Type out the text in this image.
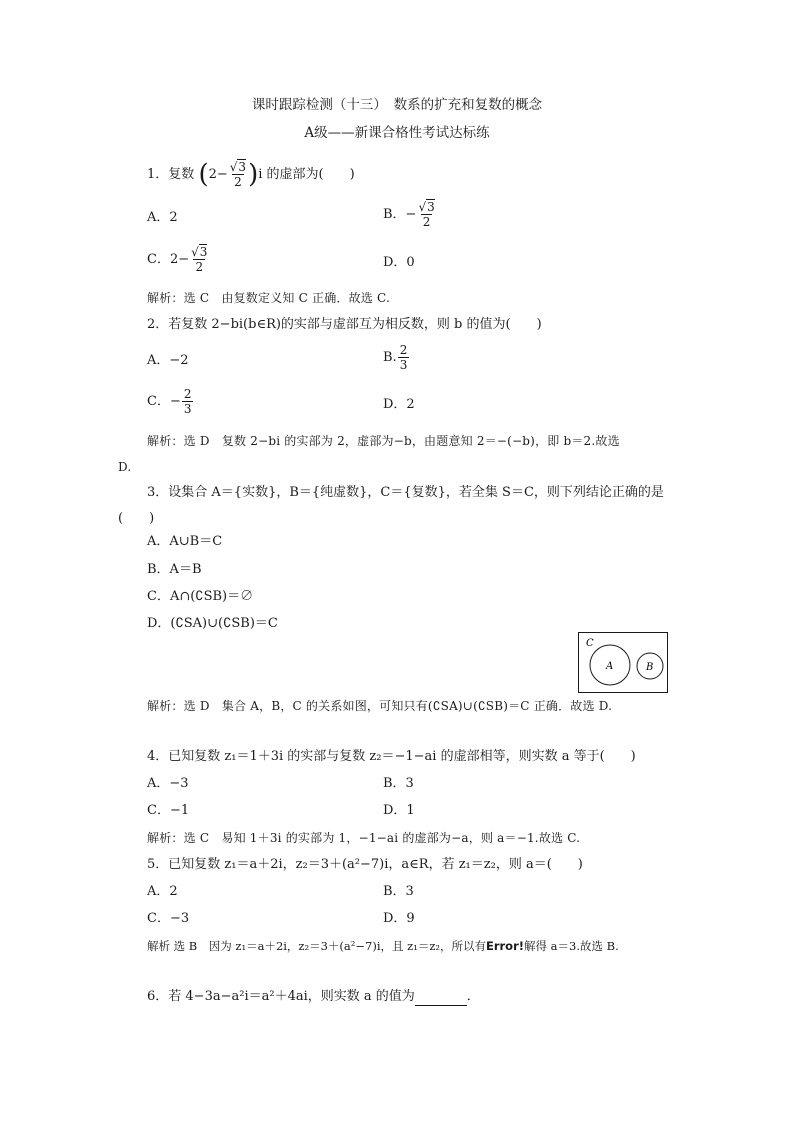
课时跟踪检测（十三）　数系的扩充和复数的概念
A级——新课合格性考试达标练
1．复数 $(2- \frac{√3}{2} )i$ 的虚部为(　　)
A．2	B．− $\frac{√3}{2}$
C．$2- \frac{√3}{2}$	D．0
解析：选 C　由复数定义知 C 正确．故选 C.
2．若复数 2−bi(b∈R)的实部与虚部互为相反数，则 b 的值为(　　)
A．−2	B. $\frac{2}{3}$
C．− $\frac{2}{3}$	D．2
解析：选 D　复数 2−bi 的实部为 2，虚部为−b，由题意知 2＝−(−b)，即 b＝2.故选
D.
3．设集合 A＝{实数}，B＝{纯虚数}，C＝{复数}，若全集 S＝C，则下列结论正确的是
(　　)
A．A∪B＝C
B．A＝B
C．A∩(∁SB)＝∅
D．(∁SA)∪(∁SB)＝C
C
A	B
解析：选 D　集合 A，B，C 的关系如图，可知只有(∁SA)∪(∁SB)＝C 正确．故选 D.
4．已知复数 z₁＝1＋3i 的实部与复数 z₂＝−1−ai 的虚部相等，则实数 a 等于(　　)
A．−3	B．3
C．−1	D．1
解析：选 C　易知 1＋3i 的实部为 1，−1−ai 的虚部为−a，则 a＝−1.故选 C.
5．已知复数 z₁＝a＋2i，z₂＝3＋(a²−7)i，a∈R，若 z₁＝z₂，则 a＝(　　)
A．2	B．3
C．−3	D．9
解析 选 B　因为 z₁＝a＋2i，z₂＝3＋(a²−7)i，且 z₁＝z₂，所以有Error!解得 a＝3.故选 B.
6．若 4−3a−a²i＝a²＋4ai，则实数 a 的值为	．
